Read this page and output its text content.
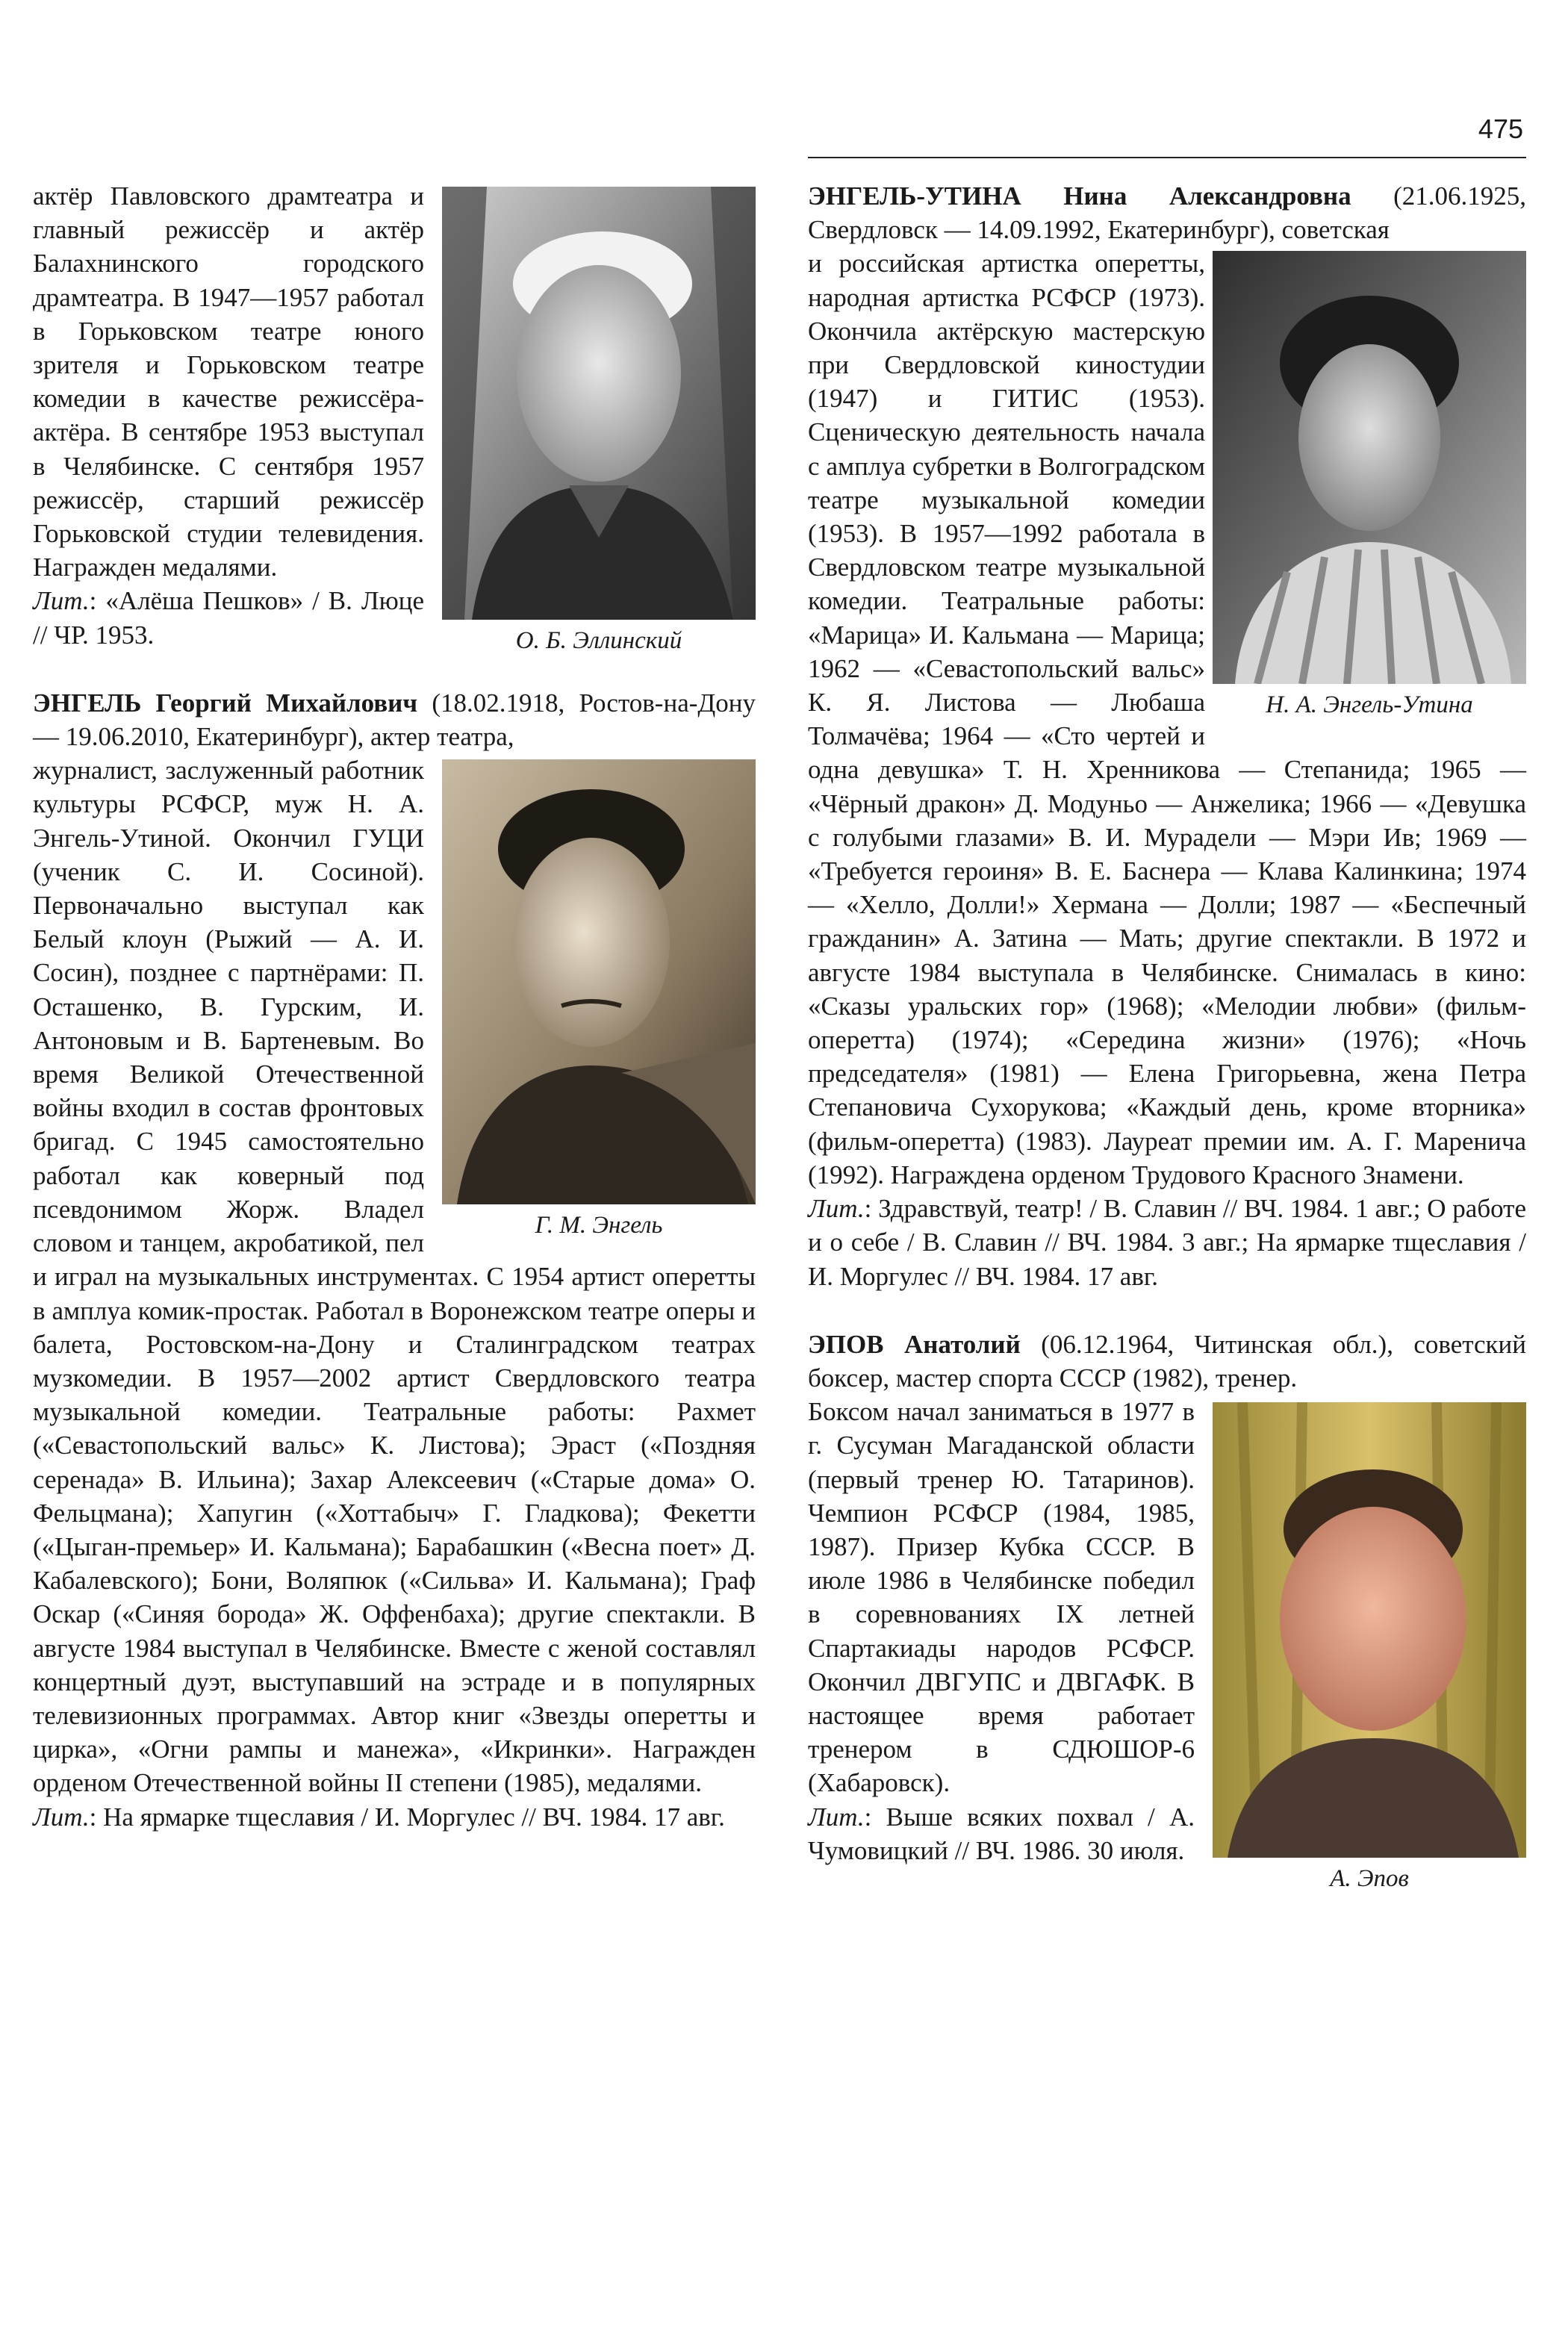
475
О. Б. Эллинский

актёр Павловского драмтеатра и главный режиссёр и актёр Балахнинского городского драмтеатра. В 1947—1957 работал в Горьковском театре юного зрителя и Горьковском театре комедии в качестве режиссёра-актёра. В сентябре 1953 выступал в Челябинске. С сентября 1957 режиссёр, старший режиссёр Горьковской студии телевидения. Награжден медалями.

Лит.: «Алёша Пешков» / В. Люце // ЧР. 1953.

ЭНГЕЛЬ Георгий Михайлович (18.02.1918, Ростов-на-Дону — 19.06.2010, Екатеринбург), актер театра,

Г. М. Энгель

журналист, заслуженный работник культуры РСФСР, муж Н. А. Энгель-Утиной. Окончил ГУЦИ (ученик С. И. Сосиной). Первоначально выступал как Белый клоун (Рыжий — А. И. Сосин), позднее с партнёрами: П. Осташенко, В. Гурским, И. Антоновым и В. Бартеневым. Во время Великой Отечественной войны входил в состав фронтовых бригад. С 1945 самостоятельно работал как коверный под псевдонимом Жорж. Владел словом и танцем, акробатикой, пел и играл на музыкальных инструментах. С 1954 артист оперетты в амплуа комик-простак. Работал в Воронежском театре оперы и балета, Ростовском-на-Дону и Сталинградском театрах музкомедии. В 1957—2002 артист Свердловского театра музыкальной комедии. Театральные работы: Рахмет («Севастопольский вальс» К. Листова); Эраст («Поздняя серенада» В. Ильина); Захар Алексеевич («Старые дома» О. Фельцмана); Хапугин («Хоттабыч» Г. Гладкова); Фекетти («Цыган-премьер» И. Кальмана); Барабашкин («Весна поет» Д. Кабалевского); Бони, Воляпюк («Сильва» И. Кальмана); Граф Оскар («Синяя борода» Ж. Оффенбаха); другие спектакли. В августе 1984 выступал в Челябинске. Вместе с женой составлял концертный дуэт, выступавший на эстраде и в популярных телевизионных программах. Автор книг «Звезды оперетты и цирка», «Огни рампы и манежа», «Икринки». Награжден орденом Отечественной войны II степени (1985), медалями.

Лит.: На ярмарке тщеславия / И. Моргулес // ВЧ. 1984. 17 авг.

ЭНГЕЛЬ-УТИНА Нина Александровна (21.06.1925, Свердловск — 14.09.1992, Екатеринбург), советская

Н. А. Энгель-Утина

и российская артистка оперетты, народная артистка РСФСР (1973). Окончила актёрскую мастерскую при Свердловской киностудии (1947) и ГИТИС (1953). Сценическую деятельность начала с амплуа субретки в Волгоградском театре музыкальной комедии (1953). В 1957—1992 работала в Свердловском театре музыкальной комедии. Театральные работы: «Марица» И. Кальмана — Марица; 1962 — «Севастопольский вальс» К. Я. Листова — Любаша Толмачёва; 1964 — «Сто чертей и одна девушка» Т. Н. Хренникова — Степанида; 1965 — «Чёрный дракон» Д. Модуньо — Анжелика; 1966 — «Девушка с голубыми глазами» В. И. Мурадели — Мэри Ив; 1969 — «Требуется героиня» В. Е. Баснера — Клава Калинкина; 1974 — «Хелло, Долли!» Хермана — Долли; 1987 — «Беспечный гражданин» А. Затина — Мать; другие спектакли. В 1972 и августе 1984 выступала в Челябинске. Снималась в кино: «Сказы уральских гор» (1968); «Мелодии любви» (фильм-оперетта) (1974); «Середина жизни» (1976); «Ночь председателя» (1981) — Елена Григорьевна, жена Петра Степановича Сухорукова; «Каждый день, кроме вторника» (фильм-оперетта) (1983). Лауреат премии им. А. Г. Маренича (1992). Награждена орденом Трудового Красного Знамени.

Лит.: Здравствуй, театр! / В. Славин // ВЧ. 1984. 1 авг.; О работе и о себе / В. Славин // ВЧ. 1984. 3 авг.; На ярмарке тщеславия / И. Моргулес // ВЧ. 1984. 17 авг.

ЭПОВ Анатолий (06.12.1964, Читинская обл.), советский боксер, мастер спорта СССР (1982), тренер.

А. Эпов

Боксом начал заниматься в 1977 в г. Сусуман Магаданской области (первый тренер Ю. Татаринов). Чемпион РСФСР (1984, 1985, 1987). Призер Кубка СССР. В июле 1986 в Челябинске победил в соревнованиях IX летней Спартакиады народов РСФСР. Окончил ДВГУПС и ДВГАФК. В настоящее время работает тренером в СДЮШОР-6 (Хабаровск).

Лит.: Выше всяких похвал / А. Чумовицкий // ВЧ. 1986. 30 июля.
